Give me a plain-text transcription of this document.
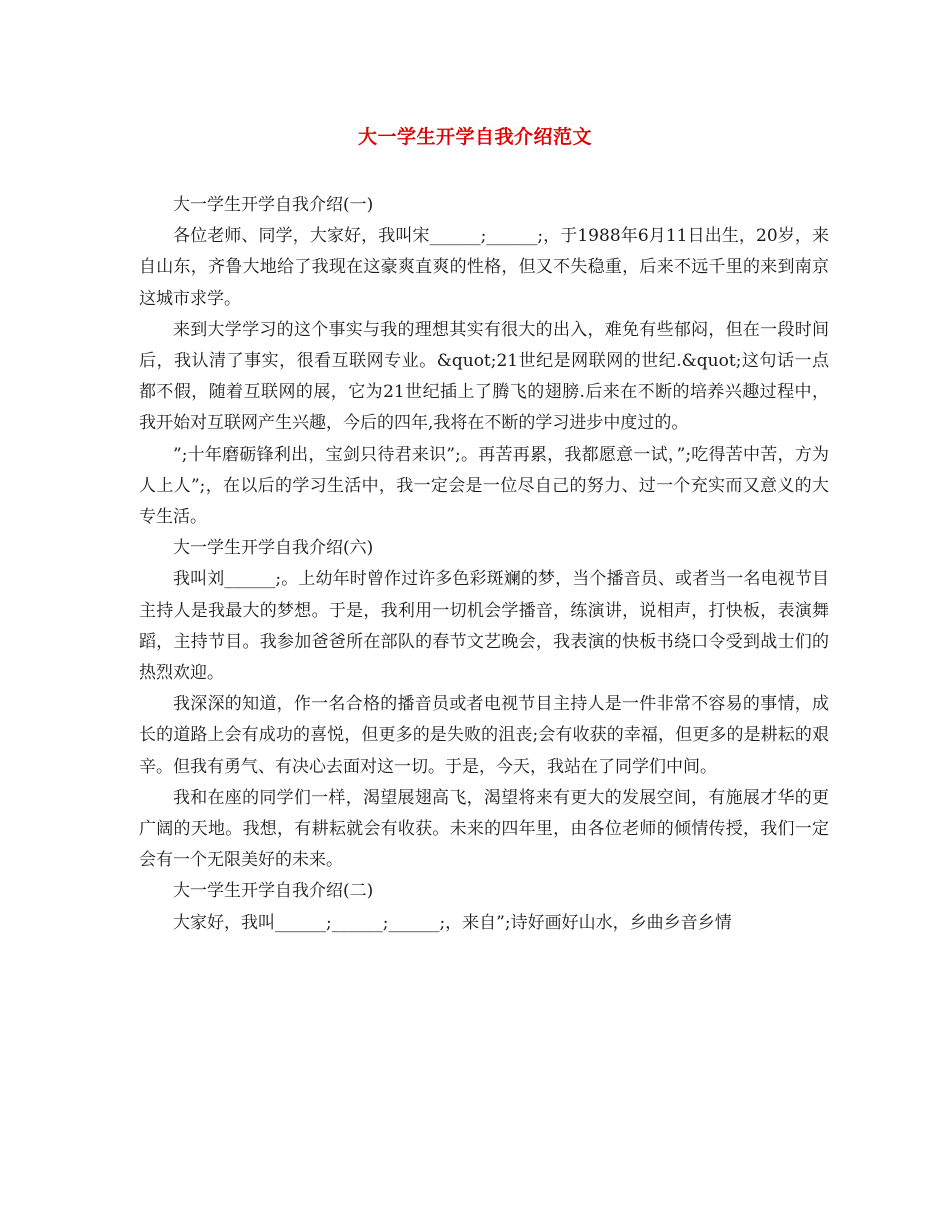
大一学生开学自我介绍范文

大一学生开学自我介绍(一)

各位老师、同学，大家好，我叫宋______;______;，于1988年6月11日出生，20岁，来自山东，齐鲁大地给了我现在这豪爽直爽的性格，但又不失稳重，后来不远千里的来到南京这城市求学。

来到大学学习的这个事实与我的理想其实有很大的出入，难免有些郁闷，但在一段时间后，我认清了事实，很看互联网专业。&quot;21世纪是网联网的世纪.&quot;这句话一点都不假，随着互联网的展，它为21世纪插上了腾飞的翅膀.后来在不断的培养兴趣过程中，我开始对互联网产生兴趣，今后的四年,我将在不断的学习进步中度过的。

”;十年磨砺锋利出，宝剑只待君来识”;。再苦再累，我都愿意一试，”;吃得苦中苦，方为人上人”;，在以后的学习生活中，我一定会是一位尽自己的努力、过一个充实而又意义的大专生活。

大一学生开学自我介绍(六)

我叫刘______;。上幼年时曾作过许多色彩斑斓的梦，当个播音员、或者当一名电视节目主持人是我最大的梦想。于是，我利用一切机会学播音，练演讲，说相声，打快板，表演舞蹈，主持节目。我参加爸爸所在部队的春节文艺晚会，我表演的快板书绕口令受到战士们的热烈欢迎。

我深深的知道，作一名合格的播音员或者电视节目主持人是一件非常不容易的事情，成长的道路上会有成功的喜悦，但更多的是失败的沮丧;会有收获的幸福，但更多的是耕耘的艰辛。但我有勇气、有决心去面对这一切。于是，今天，我站在了同学们中间。

我和在座的同学们一样，渴望展翅高飞，渴望将来有更大的发展空间，有施展才华的更广阔的天地。我想，有耕耘就会有收获。未来的四年里，由各位老师的倾情传授，我们一定会有一个无限美好的未来。

大一学生开学自我介绍(二)

大家好，我叫______;______;______;，来自”;诗好画好山水，乡曲乡音乡情
